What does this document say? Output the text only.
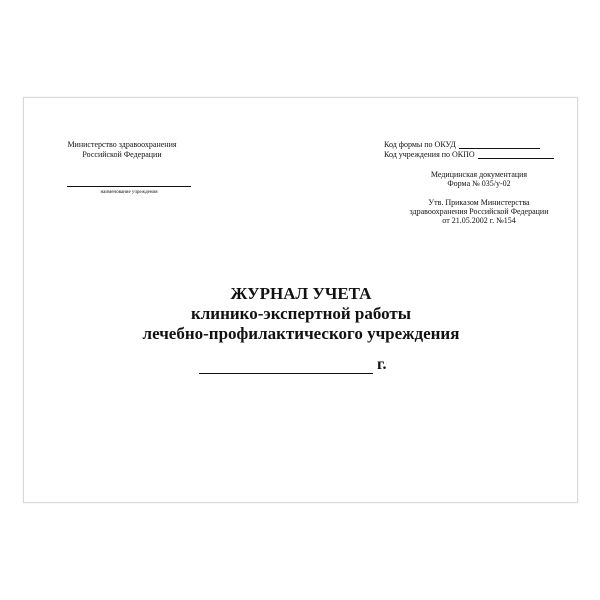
Министерство здравоохранения
Российской Федерации
наименование учреждения
Код формы по ОКУД
Код учреждения по ОКПО
Медицинская документация
Форма № 035/у-02
Утв. Приказом Министерства
здравоохранения Российской Федерации
от 21.05.2002 г. №154
ЖУРНАЛ УЧЕТА
клинико-экспертной работы
лечебно-профилактического учреждения
г.
